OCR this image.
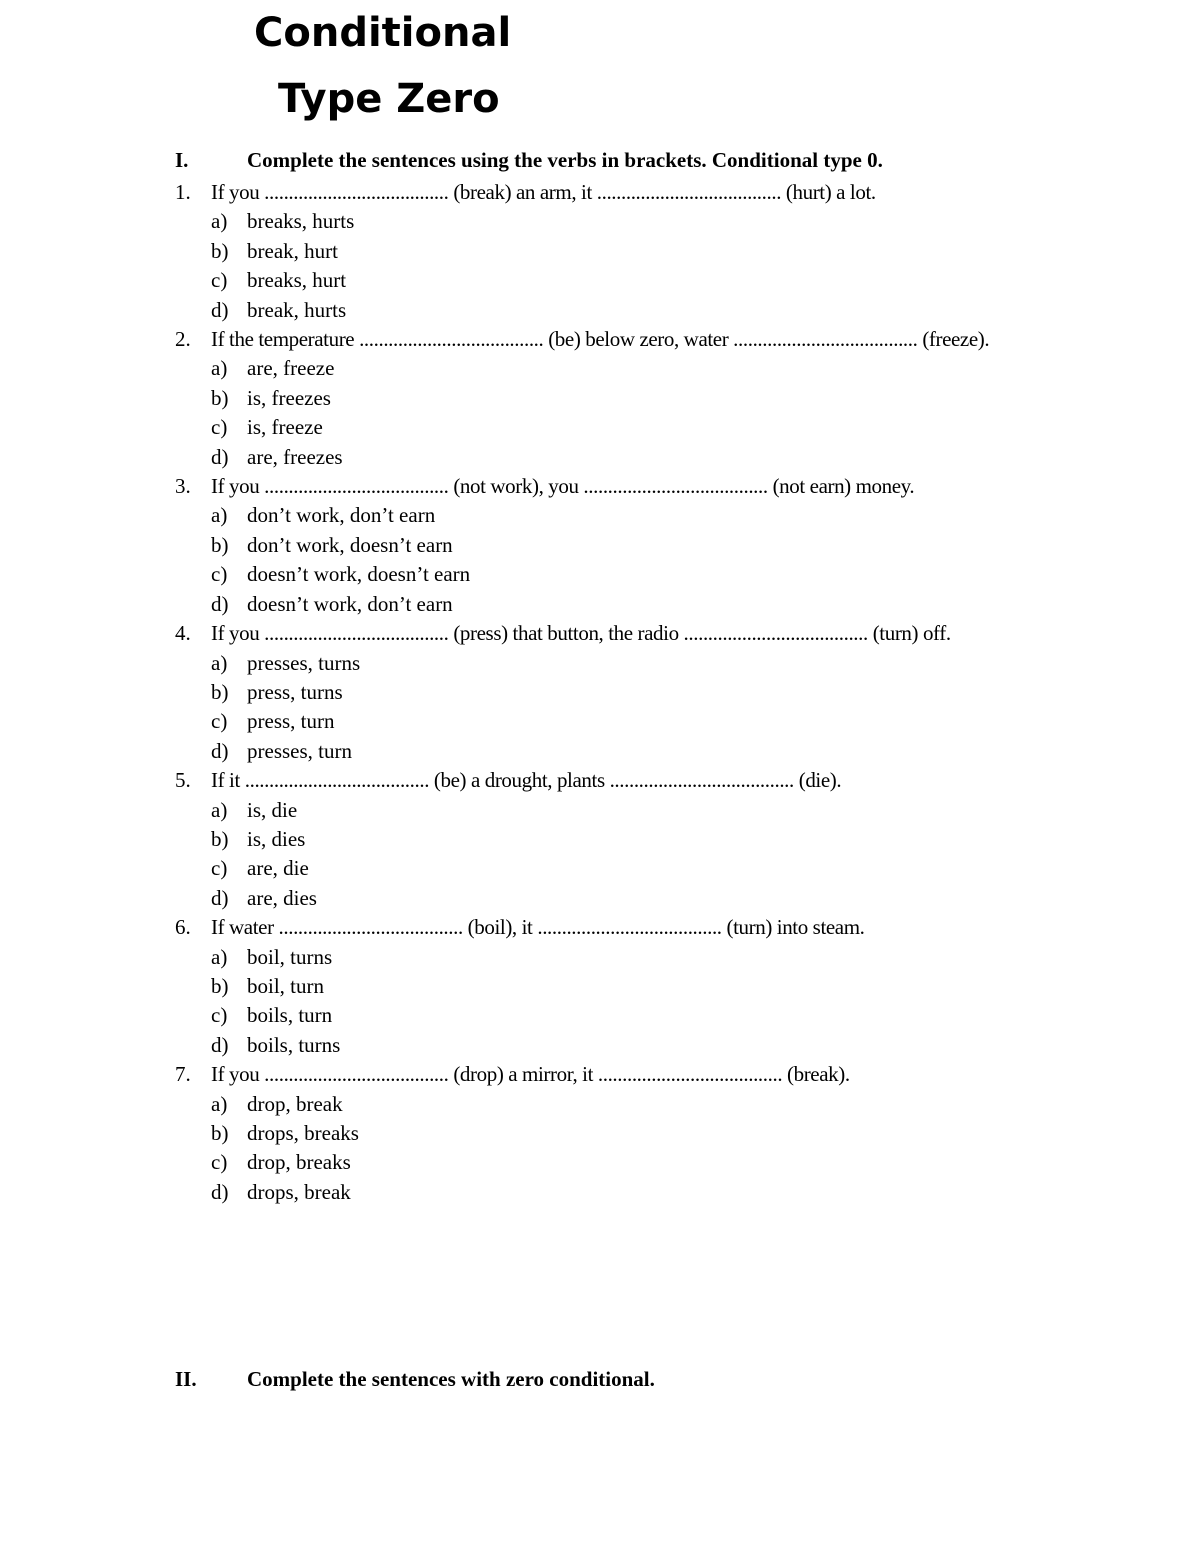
Conditional
Type Zero
I.	Complete the sentences using the verbs in brackets. Conditional type 0.
1. If you ...................................... (break) an arm, it ...................................... (hurt) a lot.
a) breaks, hurts
b) break, hurt
c) breaks, hurt
d) break, hurts
2. If the temperature ...................................... (be) below zero, water ...................................... (freeze).
a) are, freeze
b) is, freezes
c) is, freeze
d) are, freezes
3. If you ...................................... (not work), you ...................................... (not earn) money.
a) don’t work, don’t earn
b) don’t work, doesn’t earn
c) doesn’t work, doesn’t earn
d) doesn’t work, don’t earn
4. If you ...................................... (press) that button, the radio ...................................... (turn) off.
a) presses, turns
b) press, turns
c) press, turn
d) presses, turn
5. If it ...................................... (be) a drought, plants ...................................... (die).
a) is, die
b) is, dies
c) are, die
d) are, dies
6. If water ...................................... (boil), it ...................................... (turn) into steam.
a) boil, turns
b) boil, turn
c) boils, turn
d) boils, turns
7. If you ...................................... (drop) a mirror, it ...................................... (break).
a) drop, break
b) drops, breaks
c) drop, breaks
d) drops, break
II. Complete the sentences with zero conditional.
